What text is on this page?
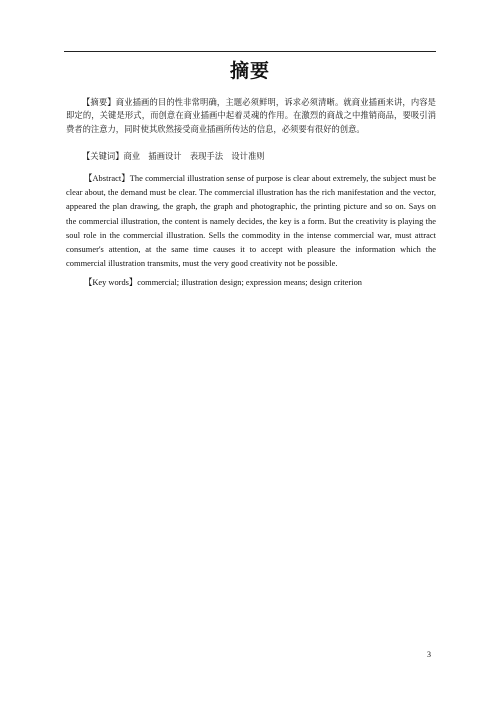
摘要

【摘要】商业插画的目的性非常明确，主题必须鲜明，诉求必须清晰。就商业插画来讲，内容是即定的，关键是形式，而创意在商业插画中起着灵魂的作用。在激烈的商战之中推销商品，要吸引消费者的注意力，同时使其欣然接受商业插画所传达的信息，必须要有很好的创意。

【关键词】商业　插画设计　表现手法　设计准则

【Abstract】The commercial illustration sense of purpose is clear about extremely, the subject must be clear about, the demand must be clear. The commercial illustration has the rich manifestation and the vector, appeared the plan drawing, the graph, the graph and photographic, the printing picture and so on. Says on the commercial illustration, the content is namely decides, the key is a form. But the creativity is playing the soul role in the commercial illustration. Sells the commodity in the intense commercial war, must attract consumer's attention, at the same time causes it to accept with pleasure the information which the commercial illustration transmits, must the very good creativity not be possible.

【Key words】commercial; illustration design; expression means; design criterion

3
